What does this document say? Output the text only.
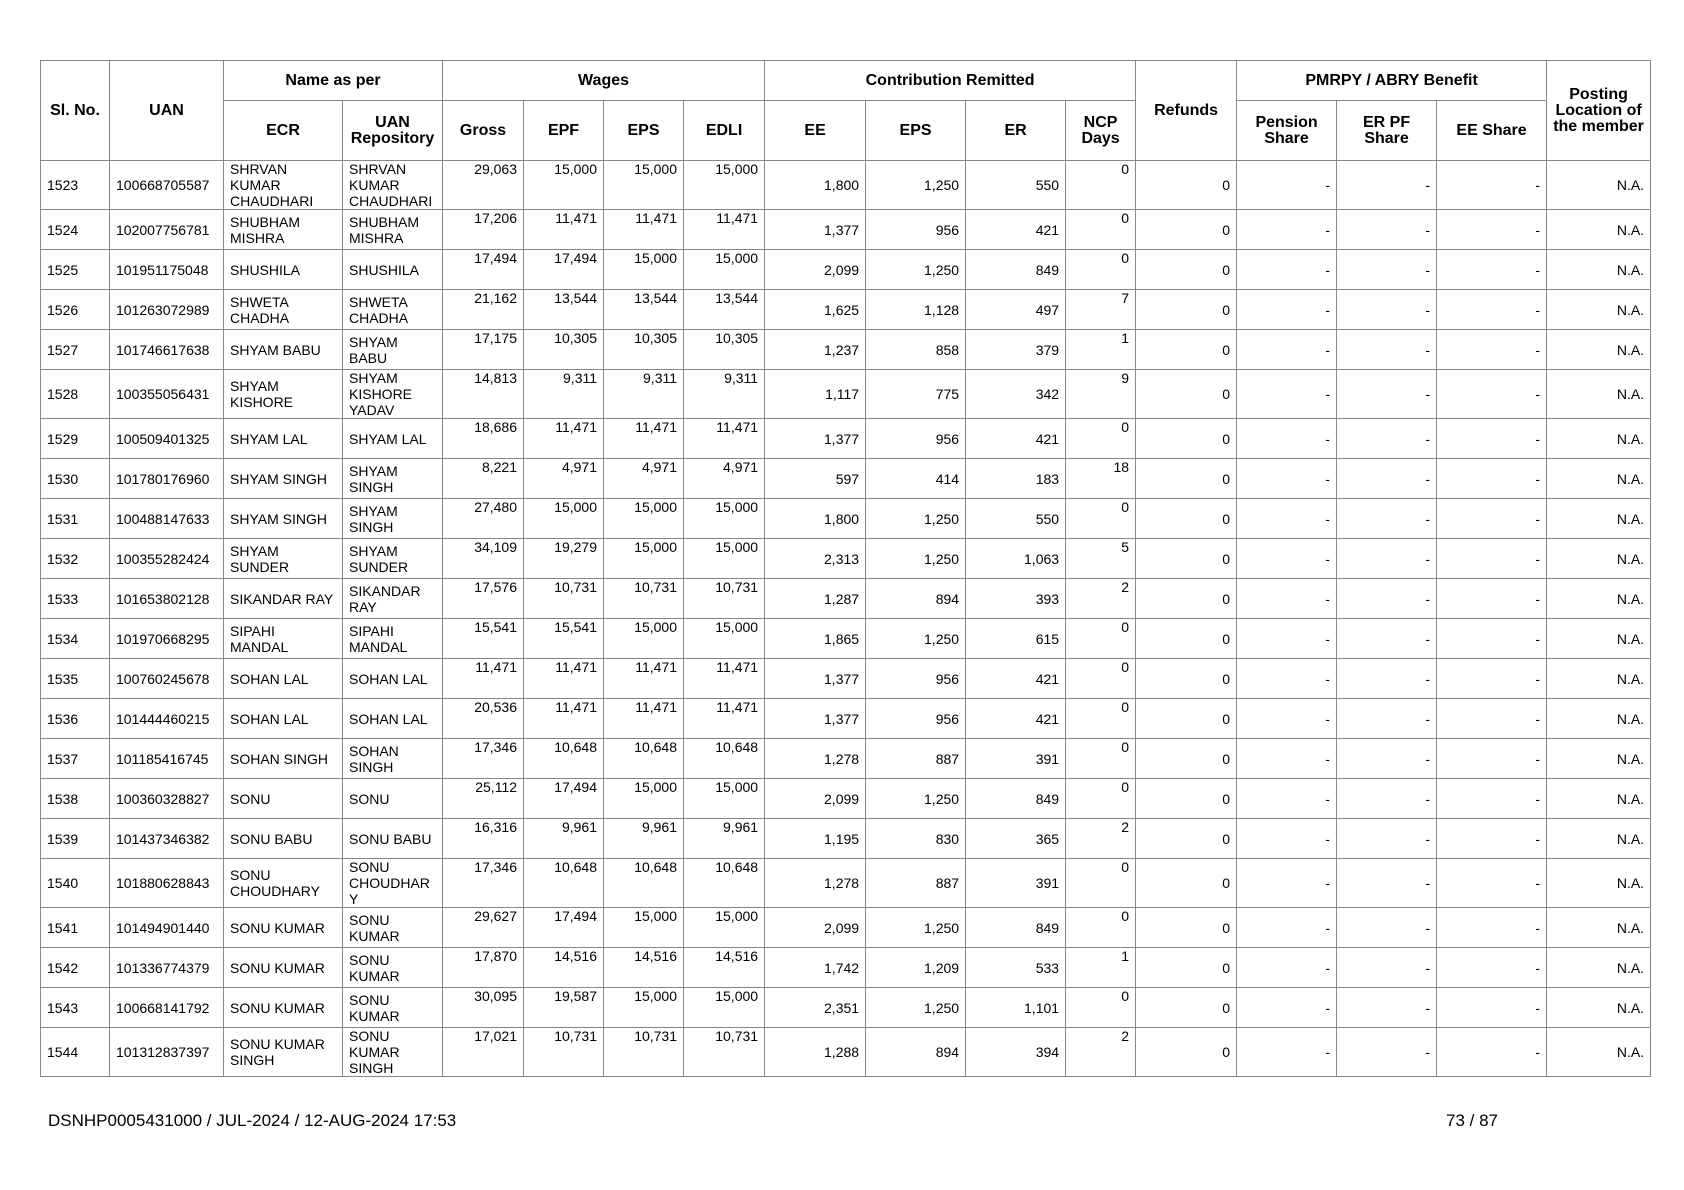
Sl. No.	UAN	Name as per		Wages				Contribution Remitted				Refunds	PMRPY / ABRY Benefit			Posting Location of the member
		ECR	UAN Repository	Gross	EPF	EPS	EDLI	EE	EPS	ER	NCP Days		Pension Share	ER PF Share	EE Share	
1523	100668705587	SHRVAN KUMAR CHAUDHARI	SHRVAN KUMAR CHAUDHARI	29,063	15,000	15,000	15,000	1,800	1,250	550	0	0	-	-	-	N.A.
1524	102007756781	SHUBHAM MISHRA	SHUBHAM MISHRA	17,206	11,471	11,471	11,471	1,377	956	421	0	0	-	-	-	N.A.
1525	101951175048	SHUSHILA	SHUSHILA	17,494	17,494	15,000	15,000	2,099	1,250	849	0	0	-	-	-	N.A.
1526	101263072989	SHWETA CHADHA	SHWETA CHADHA	21,162	13,544	13,544	13,544	1,625	1,128	497	7	0	-	-	-	N.A.
1527	101746617638	SHYAM BABU	SHYAM BABU	17,175	10,305	10,305	10,305	1,237	858	379	1	0	-	-	-	N.A.
1528	100355056431	SHYAM KISHORE	SHYAM KISHORE YADAV	14,813	9,311	9,311	9,311	1,117	775	342	9	0	-	-	-	N.A.
1529	100509401325	SHYAM LAL	SHYAM LAL	18,686	11,471	11,471	11,471	1,377	956	421	0	0	-	-	-	N.A.
1530	101780176960	SHYAM SINGH	SHYAM SINGH	8,221	4,971	4,971	4,971	597	414	183	18	0	-	-	-	N.A.
1531	100488147633	SHYAM SINGH	SHYAM SINGH	27,480	15,000	15,000	15,000	1,800	1,250	550	0	0	-	-	-	N.A.
1532	100355282424	SHYAM SUNDER	SHYAM SUNDER	34,109	19,279	15,000	15,000	2,313	1,250	1,063	5	0	-	-	-	N.A.
1533	101653802128	SIKANDAR RAY	SIKANDAR RAY	17,576	10,731	10,731	10,731	1,287	894	393	2	0	-	-	-	N.A.
1534	101970668295	SIPAHI MANDAL	SIPAHI MANDAL	15,541	15,541	15,000	15,000	1,865	1,250	615	0	0	-	-	-	N.A.
1535	100760245678	SOHAN LAL	SOHAN LAL	11,471	11,471	11,471	11,471	1,377	956	421	0	0	-	-	-	N.A.
1536	101444460215	SOHAN LAL	SOHAN LAL	20,536	11,471	11,471	11,471	1,377	956	421	0	0	-	-	-	N.A.
1537	101185416745	SOHAN SINGH	SOHAN SINGH	17,346	10,648	10,648	10,648	1,278	887	391	0	0	-	-	-	N.A.
1538	100360328827	SONU	SONU	25,112	17,494	15,000	15,000	2,099	1,250	849	0	0	-	-	-	N.A.
1539	101437346382	SONU BABU	SONU BABU	16,316	9,961	9,961	9,961	1,195	830	365	2	0	-	-	-	N.A.
1540	101880628843	SONU CHOUDHARY	SONU CHOUDHARY	17,346	10,648	10,648	10,648	1,278	887	391	0	0	-	-	-	N.A.
1541	101494901440	SONU KUMAR	SONU KUMAR	29,627	17,494	15,000	15,000	2,099	1,250	849	0	0	-	-	-	N.A.
1542	101336774379	SONU KUMAR	SONU KUMAR	17,870	14,516	14,516	14,516	1,742	1,209	533	1	0	-	-	-	N.A.
1543	100668141792	SONU KUMAR	SONU KUMAR	30,095	19,587	15,000	15,000	2,351	1,250	1,101	0	0	-	-	-	N.A.
1544	101312837397	SONU KUMAR SINGH	SONU KUMAR SINGH	17,021	10,731	10,731	10,731	1,288	894	394	2	0	-	-	-	N.A.
DSNHP0005431000 / JUL-2024 / 12-AUG-2024 17:53	73 / 87
